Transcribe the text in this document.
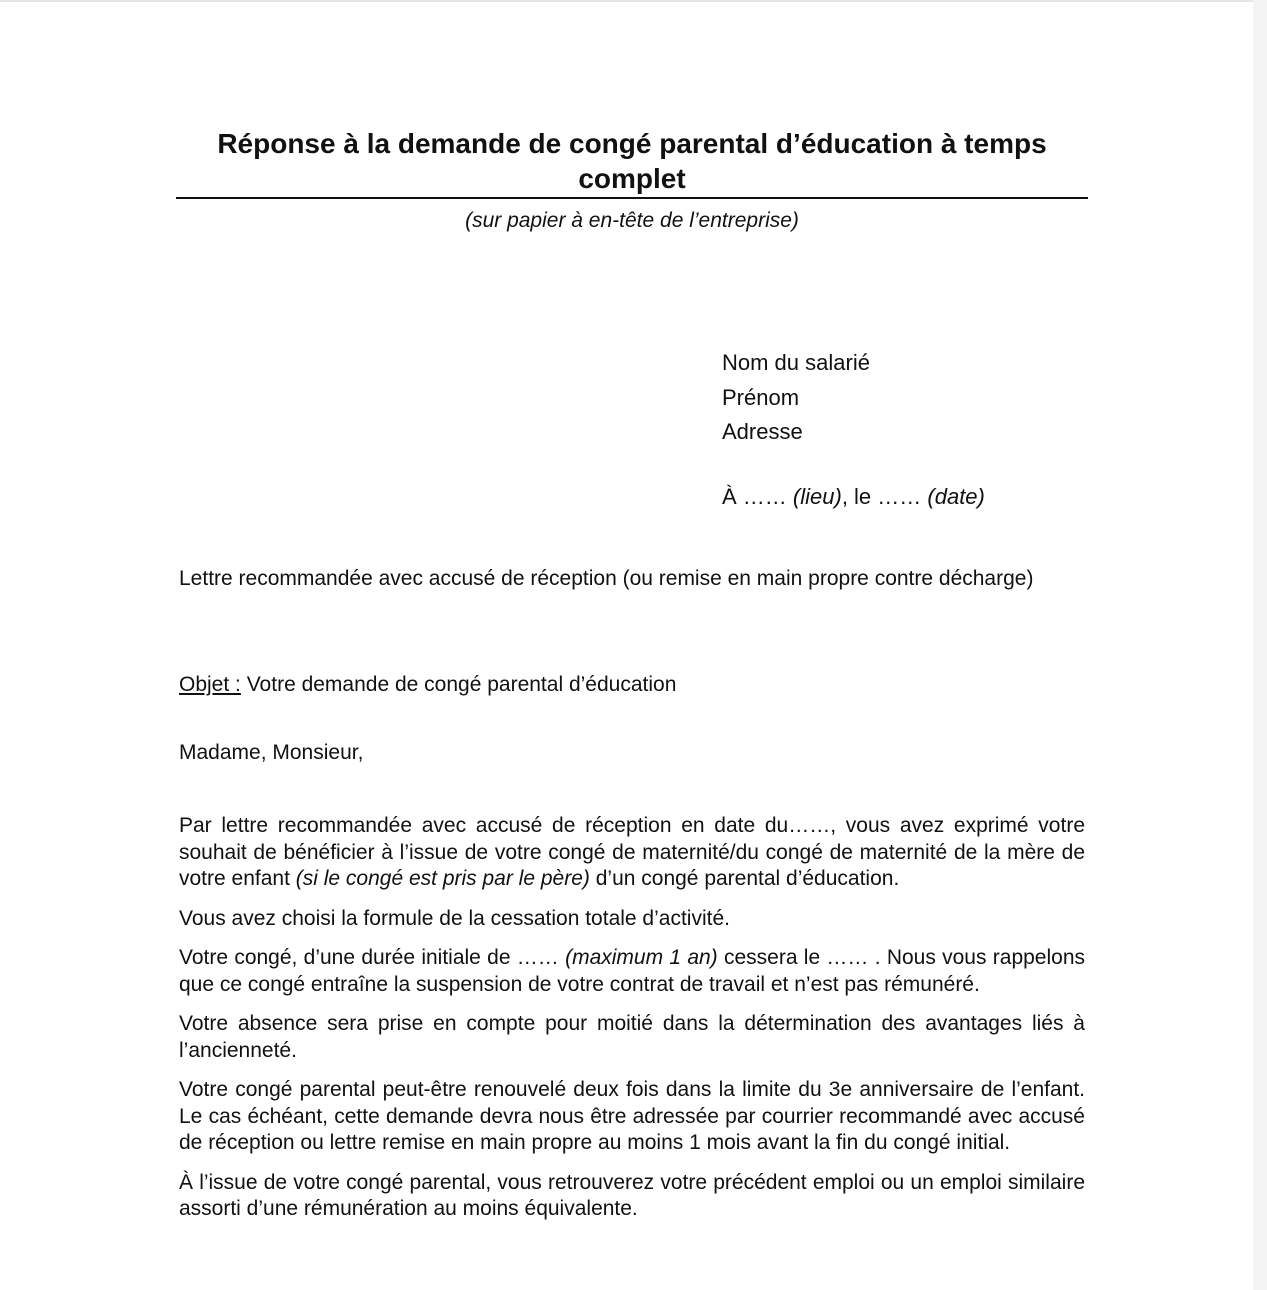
Réponse à la demande de congé parental d’éducation à temps complet
(sur papier à en-tête de l’entreprise)
Nom du salarié
Prénom
Adresse
À …… (lieu), le …… (date)
Lettre recommandée avec accusé de réception (ou remise en main propre contre décharge)
Objet : Votre demande de congé parental d’éducation
Madame, Monsieur,

Par lettre recommandée avec accusé de réception en date du……, vous avez exprimé votre souhait de bénéficier à l’issue de votre congé de maternité/du congé de maternité de la mère de votre enfant (si le congé est pris par le père) d’un congé parental d’éducation.

Vous avez choisi la formule de la cessation totale d’activité.

Votre congé, d’une durée initiale de …… (maximum 1 an) cessera le …… . Nous vous rappelons que ce congé entraîne la suspension de votre contrat de travail et n’est pas rémunéré.

Votre absence sera prise en compte pour moitié dans la détermination des avantages liés à l’ancienneté.

Votre congé parental peut-être renouvelé deux fois dans la limite du 3e anniversaire de l’enfant. Le cas échéant, cette demande devra nous être adressée par courrier recommandé avec accusé de réception ou lettre remise en main propre au moins 1 mois avant la fin du congé initial.

À l’issue de votre congé parental, vous retrouverez votre précédent emploi ou un emploi similaire assorti d’une rémunération au moins équivalente.
